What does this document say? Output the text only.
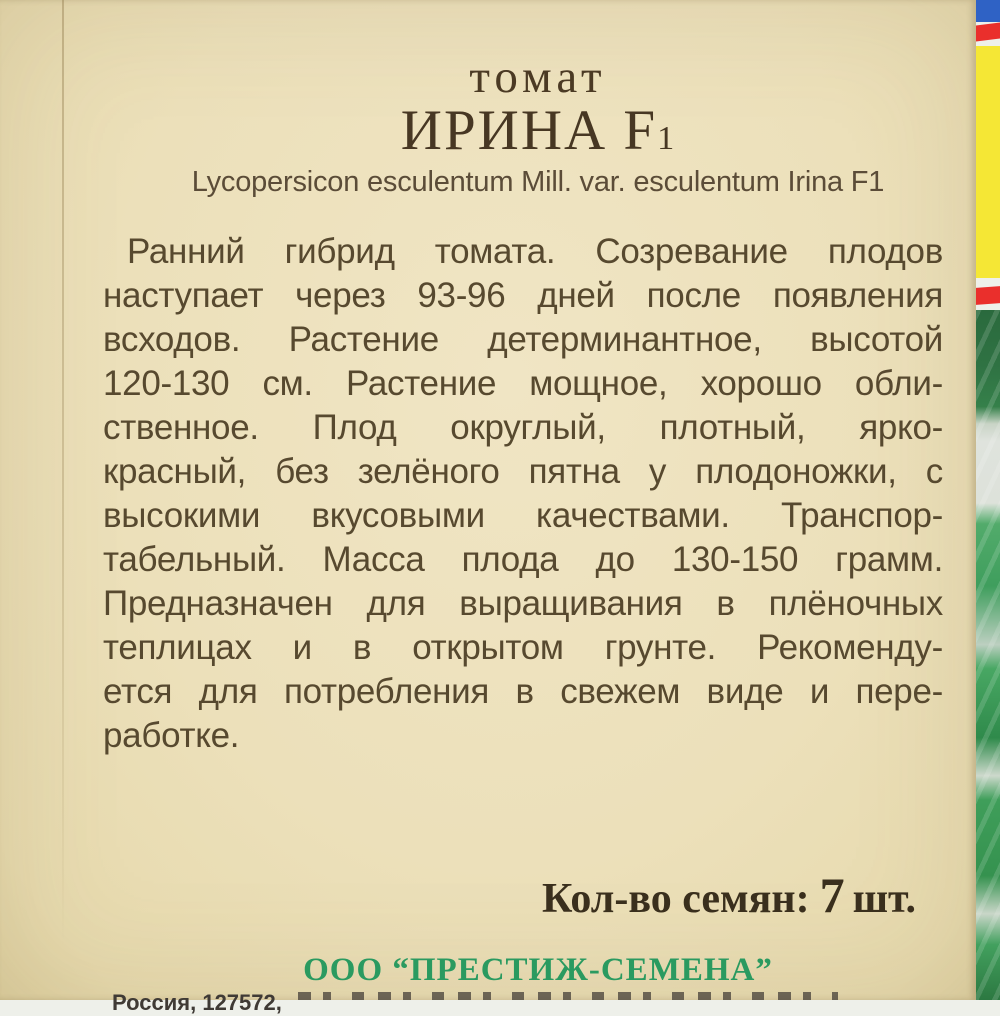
томат
ИРИНА F1
Lycopersicon esculentum Mill. var. esculentum Irina F1
ООО “ПРЕСТИЖ-СЕМЕНА”
Ранний гибрид томата. Созревание плодов
наступает через 93-96 дней после появления
всходов. Растение детерминантное, высотой
120-130 см. Растение мощное, хорошо обли-
ственное. Плод округлый, плотный, ярко-
красный, без зелёного пятна у плодоножки, с
высокими вкусовыми качествами. Транспор-
табельный. Масса плода до 130-150 грамм.
Предназначен для выращивания в плёночных
теплицах и в открытом грунте. Рекоменду-
ется для потребления в свежем виде и пере-
работке.
Кол-во семян: 7 шт.
Россия, 127572,
